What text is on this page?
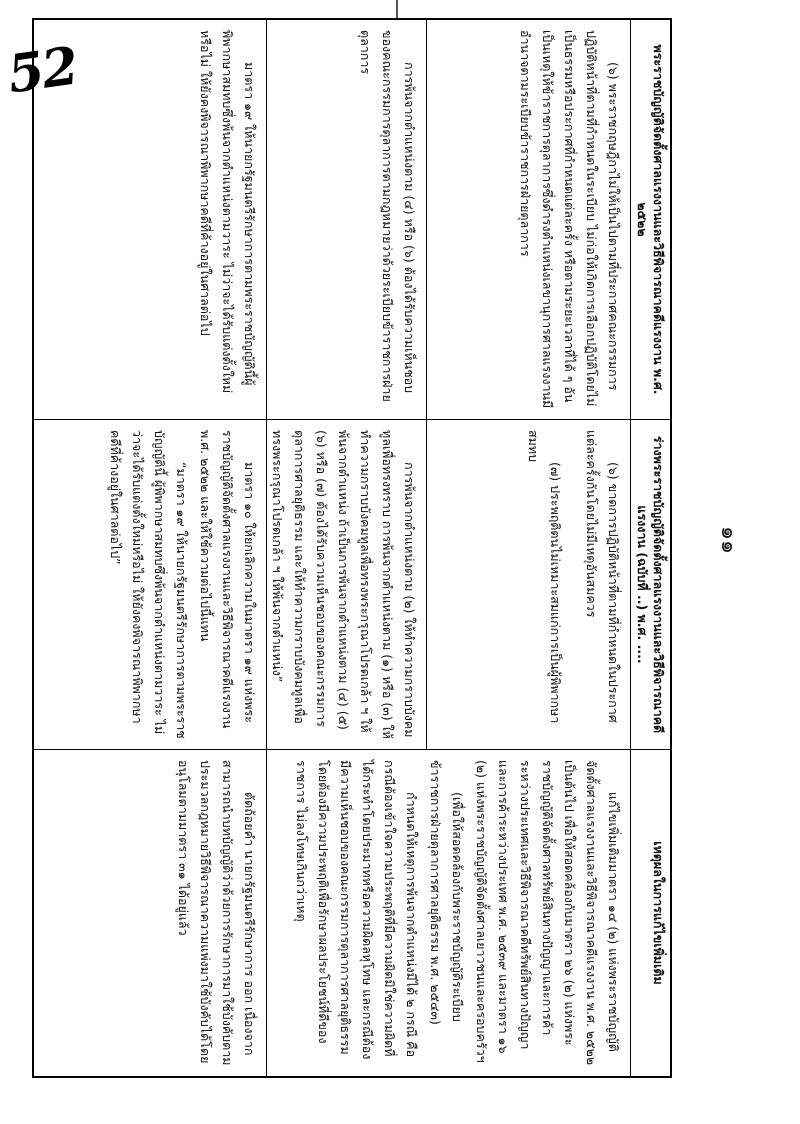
52
๑๑
พระราชบัญญัติจัดตั้งศาลแรงงานและวิธีพิจารณาคดีแรงงาน พ.ศ. ๒๕๒๒
ร่างพระราชบัญญัติจัดตั้งศาลแรงงานและวิธีพิจารณาคดีแรงงาน (ฉบับที่ ..) พ.ศ. ....
เหตุผลในการแก้ไขเพิ่มเติม

(๖) พระราชกฤษฎีกาไม่ให้เป็นไปตามที่ประกาศคณะกรรมการปฏิบัติหน้าที่ตามที่กำหนดในระเบียบ ไม่ก่อให้เกิดการเลือกปฏิบัติโดยไม่เป็นธรรมหรือประกาศที่กำหนดแต่ละครั้ง หรือตามระยะเวลาที่ได้ ๆ อันเป็นเหตุให้ข้าราชการตุลาการซึ่งดำรงตำแหน่งเลขานุการศาลแรงงานมีอำนาจตามระเบียบข้าราชการฝ่ายตุลาการ

(๖) ขาดการปฏิบัติหน้าที่ตามที่กำหนดในประกาศแต่ละครั้งกันโดยไม่มีเหตุอันสมควร

(๗) ประพฤติตนไม่เหมาะสมแก่การเป็นผู้พิพากษาสมทบ

แก้ไขเพิ่มเติมมาตรา ๑๔ (๒) แห่งพระราชบัญญัติจัดตั้งศาลแรงงานและวิธีพิจารณาคดีแรงงาน พ.ศ. ๒๕๒๒ เป็นต้นไป เพื่อให้สอดคล้องกับมาตรา ๒๖ (๒) แห่งพระราชบัญญัติจัดตั้งศาลทรัพย์สินทางปัญญาและการค้าระหว่างประเทศและวิธีพิจารณาคดีทรัพย์สินทางปัญญาและการค้าระหว่างประเทศ พ.ศ. ๒๕๓๙ และมาตรา ๑๖ (๒) แห่งพระราชบัญญัติจัดตั้งศาลเยาวชนและครอบครัวฯ

(เพื่อให้สอดคล้องกับพระราชบัญญัติระเบียบข้าราชการฝ่ายตุลาการศาลยุติธรรม พ.ศ. ๒๕๔๓)

กำหนดให้เหตุการพ้นจากตำแหน่งมีได้ ๒ กรณี คือ กรณีต้องเข้าใจความประพฤติที่มีความผิดมิใช่ความผิดที่ได้กระทำโดยประมาทหรือความผิดลหุโทษ และกรณีต้องมีความเห็นชอบของคณะกรรมการตุลาการศาลยุติธรรม โดยต้องมีความประพฤติเพื่อรักษาผลประโยชน์ที่ดีของราชการ ไม่ลงโทษเกินกว่าเหตุ

การพ้นจากตำแหน่งตาม (๔) หรือ (๖) ต้องได้รับความเห็นชอบของคณะกรรมการตุลาการตามกฎหมายว่าด้วยระเบียบข้าราชการฝ่ายตุลาการ

การพ้นจากตำแหน่งตาม (๒) ให้ทำความกราบบังคมทูลเพื่อทรงทราบ การพ้นจากตำแหน่งตาม (๑) หรือ (๓) ให้ทำความกราบบังคมทูลเพื่อทรงพระกรุณาโปรดเกล้า ฯ ให้พ้นจากตำแหน่ง ถ้าเป็นการพ้นจากตำแหน่งตาม (๔) (๕) (๖) หรือ (๗) ต้องได้รับความเห็นชอบของคณะกรรมการตุลาการศาลยุติธรรม และให้ทำความกราบบังคมทูลเพื่อทรงพระกรุณาโปรดเกล้า ฯ ให้พ้นจากตำแหน่ง”

มาตรา ๑๙ ให้นายกรัฐมนตรีรักษาการตามพระราชบัญญัตินี้ผู้พิพากษาสมทบซึ่งพ้นจากตำแหน่งตามวาระ ไม่ว่าจะได้รับแต่งตั้งใหม่หรือไม่ ให้ยังคงพิจารณาพิพากษาคดีที่ค้างอยู่ในศาลต่อไป

มาตรา ๑๐ ให้ยกเลิกความในมาตรา ๑๙ แห่งพระราชบัญญัติจัดตั้งศาลแรงงานและวิธีพิจารณาคดีแรงงาน พ.ศ. ๒๕๒๒ และให้ใช้ความต่อไปนี้แทน

“มาตรา ๑๙ ให้นายกรัฐมนตรีรักษาการตามพระราชบัญญัตินี้ ผู้พิพากษาสมทบซึ่งพ้นจากตำแหน่งตามวาระ ไม่ว่าจะได้รับแต่งตั้งใหม่หรือไม่ ให้ยังคงพิจารณาพิพากษาคดีที่ค้างอยู่ในศาลต่อไป”

ตัดถ้อยคำ นายกรัฐมนตรีรักษาการ ออก เนื่องจากสามารถนำบทบัญญัติว่าด้วยการรักษาการมาใช้บังคับตามประมวลกฎหมายวิธีพิจารณาความแพ่งมาใช้บังคับได้โดยอนุโลมตามมาตรา ๓๑ ได้อยู่แล้ว
